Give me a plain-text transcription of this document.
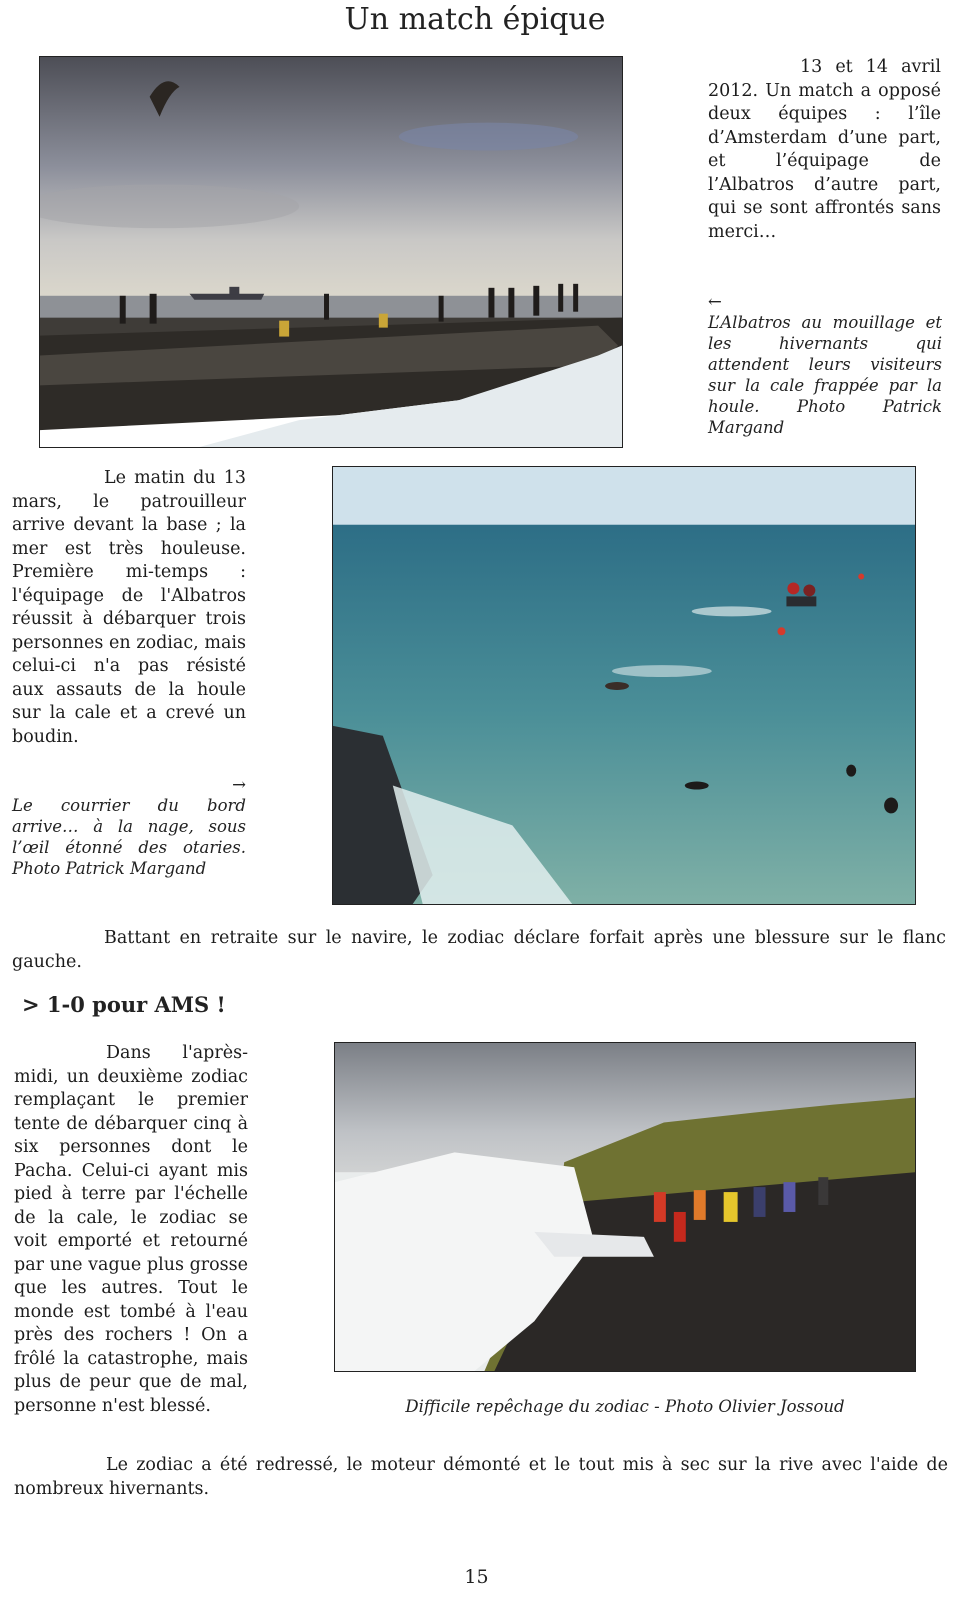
Un match épique
13 et 14 avril 2012. Un match a opposé deux équipes : l’île d’Amsterdam d’une part, et l’équipage de l’Albatros d’autre part, qui se sont affrontés sans merci…
←
L’Albatros au mouillage et les hivernants qui attendent leurs visiteurs sur la cale frappée par la houle. Photo Patrick Margand
Le matin du 13 mars, le patrouilleur arrive devant la base ; la mer est très houleuse. Première mi-temps : l'équipage de l'Albatros réussit à débarquer trois personnes en zodiac, mais celui-ci n'a pas résisté aux assauts de la houle sur la cale et a crevé un boudin.
→
Le courrier du bord arrive… à la nage, sous l’œil étonné des otaries. Photo Patrick Margand
Battant en retraite sur le navire, le zodiac déclare forfait après une blessure sur le flanc gauche.
> 1-0 pour AMS !
Dans l'après-midi, un deuxième zodiac remplaçant le premier tente de débarquer cinq à six personnes dont le Pacha. Celui-ci ayant mis pied à terre par l'échelle de la cale, le zodiac se voit emporté et retourné par une vague plus grosse que les autres. Tout le monde est tombé à l'eau près des rochers ! On a frôlé la catastrophe, mais plus de peur que de mal, personne n'est blessé.	Difficile repêchage du zodiac - Photo Olivier Jossoud
Le zodiac a été redressé, le moteur démonté et le tout mis à sec sur la rive avec l'aide de nombreux hivernants.
15
